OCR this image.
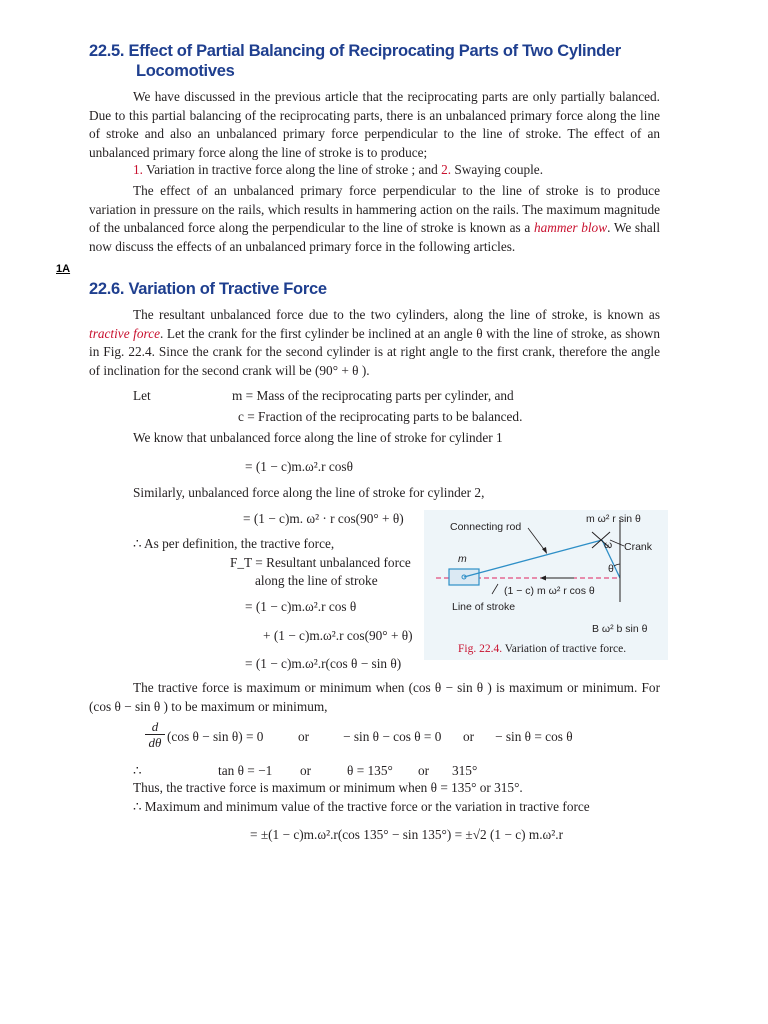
1A
22.5. Effect of Partial Balancing of Reciprocating Parts of Two Cylinder
Locomotives
We have discussed in the previous article that the reciprocating parts are only partially balanced. Due to this partial balancing of the reciprocating parts, there is an unbalanced primary force along the line of stroke and also an unbalanced primary force perpendicular to the line of stroke. The effect of an unbalanced primary force along the line of stroke is to produce;
1. Variation in tractive force along the line of stroke ; and 2. Swaying couple.
The effect of an unbalanced primary force perpendicular to the line of stroke is to produce variation in pressure on the rails, which results in hammering action on the rails. The maximum magnitude of the unbalanced force along the perpendicular to the line of stroke is known as a hammer blow. We shall now discuss the effects of an unbalanced primary force in the following articles.
22.6. Variation of Tractive Force
The resultant unbalanced force due to the two cylinders, along the line of stroke, is known as tractive force. Let the crank for the first cylinder be inclined at an angle θ with the line of stroke, as shown in Fig. 22.4. Since the crank for the second cylinder is at right angle to the first crank, therefore the angle of inclination for the second crank will be (90° + θ ).
Let	m = Mass of the reciprocating parts per cylinder, and
c = Fraction of the reciprocating parts to be balanced.
We know that unbalanced force along the line of stroke for cylinder 1
= (1 − c)m.ω².r cosθ
Similarly, unbalanced force along the line of stroke for cylinder 2,
= (1 − c)m. ω² · r cos(90° + θ)
∴ As per definition, the tractive force,
F_T = Resultant unbalanced force
along the line of stroke
= (1 − c)m.ω².r cos θ
+ (1 − c)m.ω².r cos(90° + θ)
= (1 − c)m.ω².r(cos θ − sin θ)
Connecting rod
m ω² r sin θ
Crank
m
θ
ω
(1 − c) m ω² r cos θ
Line of stroke
B ω² b sin θ
Fig. 22.4. Variation of tractive force.
The tractive force is maximum or minimum when (cos θ − sin θ ) is maximum or minimum. For (cos θ − sin θ ) to be maximum or minimum,
$\frac{d}{d\theta} (\cos$ θ − sin θ) = 0	or	− sin θ − cos θ = 0 or − sin θ = cos θ
∴	tan θ = −1 or	θ = 135° or 315°
Thus, the tractive force is maximum or minimum when θ = 135° or 315°.
∴ Maximum and minimum value of the tractive force or the variation in tractive force
= ±(1 − c)m.ω².r(cos 135° − sin 135°) = ±√2 (1 − c) m.ω².r
